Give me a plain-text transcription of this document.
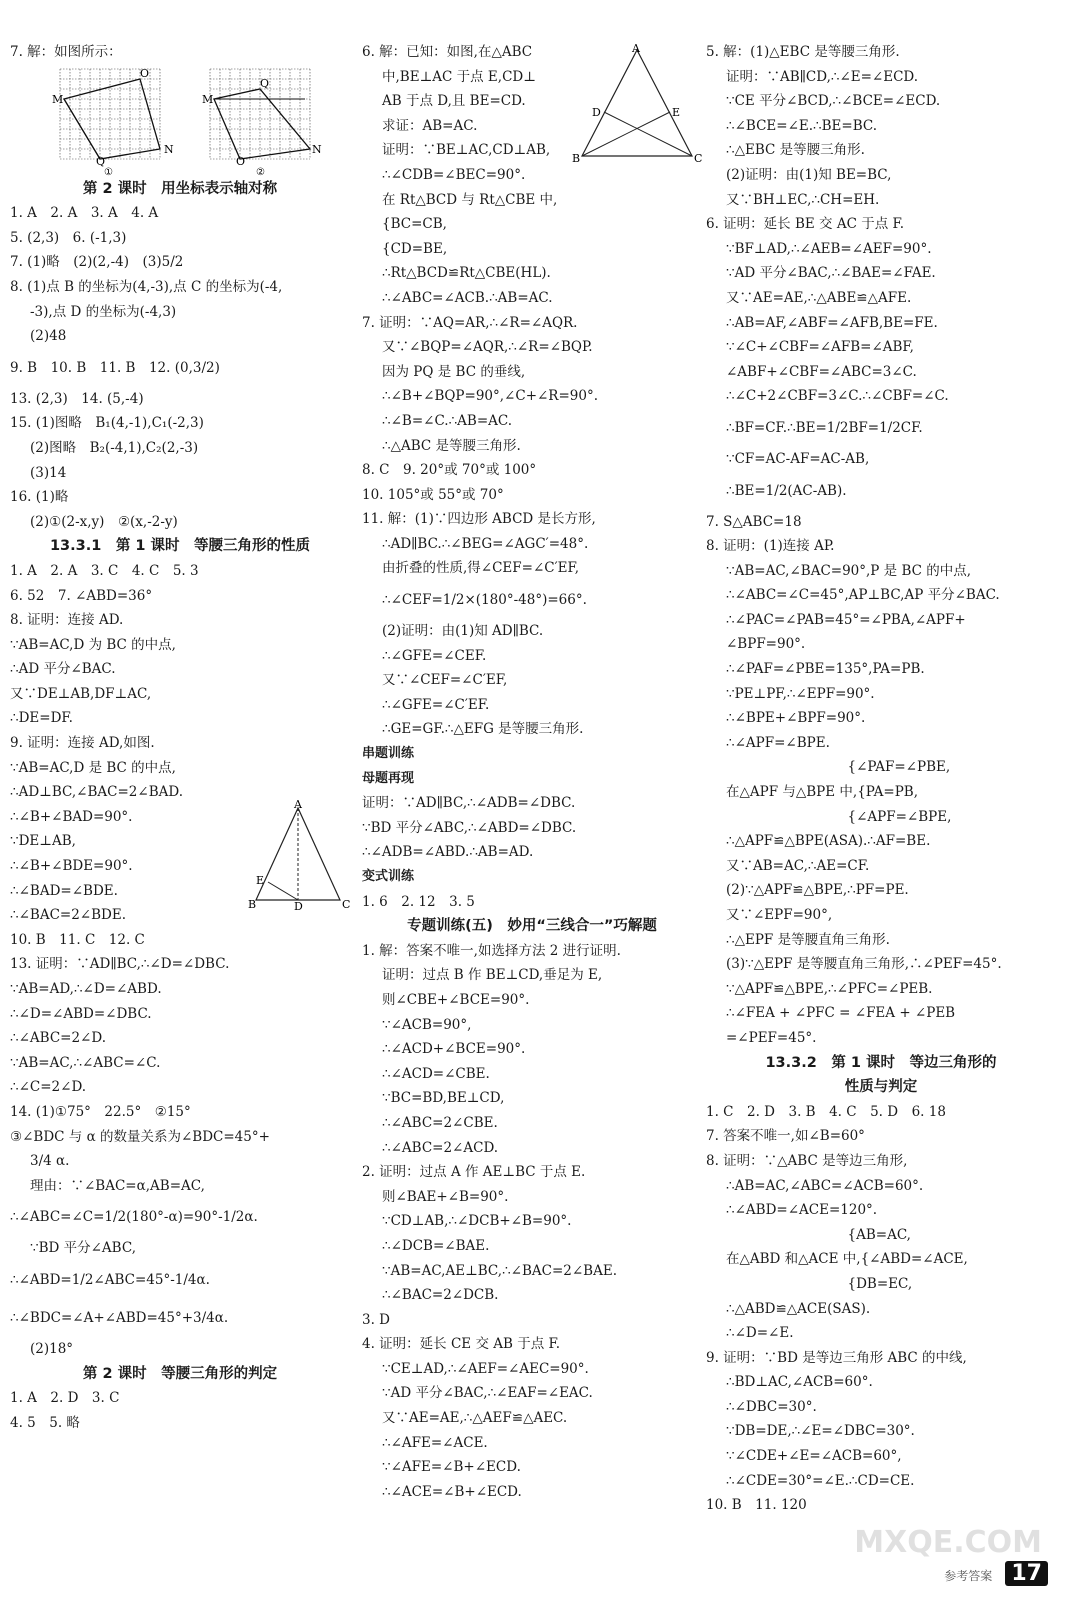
7. 解：如图所示：
M
O
N
Q
M
Q
N
O
①	②
第 2 课时　用坐标表示轴对称
1. A　2. A　3. A　4. A
5. (2,3)　6. (-1,3)
7. (1)略　(2)(2,-4)　(3)5/2
8. (1)点 B 的坐标为(4,-3),点 C 的坐标为(-4,
-3),点 D 的坐标为(-4,3)
(2)48
9. B　10. B　11. B　12. (0,3/2)
13. (2,3)　14. (5,-4)
15. (1)图略　B₁(4,-1),C₁(-2,3)
(2)图略　B₂(-4,1),C₂(2,-3)
(3)14
16. (1)略
(2)①(2-x,y)　②(x,-2-y)
13.3.1　第 1 课时　等腰三角形的性质
1. A　2. A　3. C　4. C　5. 3
6. 52　7. ∠ABD=36°
8. 证明：连接 AD.
∵AB=AC,D 为 BC 的中点,
∴AD 平分∠BAC.
又∵DE⊥AB,DF⊥AC,
∴DE=DF.
9. 证明：连接 AD,如图.
∵AB=AC,D 是 BC 的中点,
∴AD⊥BC,∠BAC=2∠BAD.
∴∠B+∠BAD=90°.
∵DE⊥AB,
∴∠B+∠BDE=90°.
∴∠BAD=∠BDE.
∴∠BAC=2∠BDE.
10. B　11. C　12. C
13. 证明：∵AD∥BC,∴∠D=∠DBC.
∵AB=AD,∴∠D=∠ABD.
∴∠D=∠ABD=∠DBC.
∴∠ABC=2∠D.
∵AB=AC,∴∠ABC=∠C.
∴∠C=2∠D.
14. (1)①75°　22.5°　②15°
③∠BDC 与 α 的数量关系为∠BDC=45°+
3/4 α.
理由：∵∠BAC=α,AB=AC,
∴∠ABC=∠C=1/2(180°-α)=90°-1/2α.
∵BD 平分∠ABC,
∴∠ABD=1/2∠ABC=45°-1/4α.
∴∠BDC=∠A+∠ABD=45°+3/4α.
(2)18°
第 2 课时　等腰三角形的判定
1. A　2. D　3. C
4. 5　5. 略
6. 解：已知：如图,在△ABC
中,BE⊥AC 于点 E,CD⊥
AB 于点 D,且 BE=CD.
求证：AB=AC.
证明：∵BE⊥AC,CD⊥AB,
∴∠CDB=∠BEC=90°.
在 Rt△BCD 与 Rt△CBE 中,
{BC=CB,
{CD=BE,
∴Rt△BCD≌Rt△CBE(HL).
∴∠ABC=∠ACB.∴AB=AC.
7. 证明：∵AQ=AR,∴∠R=∠AQR.
又∵∠BQP=∠AQR,∴∠R=∠BQP.
因为 PQ 是 BC 的垂线,
∴∠B+∠BQP=90°,∠C+∠R=90°.
∴∠B=∠C.∴AB=AC.
∴△ABC 是等腰三角形.
8. C　9. 20°或 70°或 100°
10. 105°或 55°或 70°
11. 解：(1)∵四边形 ABCD 是长方形,
∴AD∥BC.∴∠BEG=∠AGC′=48°.
由折叠的性质,得∠CEF=∠C′EF,
∴∠CEF=1/2×(180°-48°)=66°.
(2)证明：由(1)知 AD∥BC.
∴∠GFE=∠CEF.
又∵∠CEF=∠C′EF,
∴∠GFE=∠C′EF.
∴GE=GF.∴△EFG 是等腰三角形.
串题训练
母题再现
证明：∵AD∥BC,∴∠ADB=∠DBC.
∵BD 平分∠ABC,∴∠ABD=∠DBC.
∴∠ADB=∠ABD.∴AB=AD.
变式训练
1. 6　2. 12　3. 5
专题训练(五)　妙用“三线合一”巧解题
1. 解：答案不唯一,如选择方法 2 进行证明.
证明：过点 B 作 BE⊥CD,垂足为 E,
则∠CBE+∠BCE=90°.
∵∠ACB=90°,
∴∠ACD+∠BCE=90°.
∴∠ACD=∠CBE.
∵BC=BD,BE⊥CD,
∴∠ABC=2∠CBE.
∴∠ABC=2∠ACD.
2. 证明：过点 A 作 AE⊥BC 于点 E.
则∠BAE+∠B=90°.
∵CD⊥AB,∴∠DCB+∠B=90°.
∴∠DCB=∠BAE.
∵AB=AC,AE⊥BC,∴∠BAC=2∠BAE.
∴∠BAC=2∠DCB.
3. D
4. 证明：延长 CE 交 AB 于点 F.
∵CE⊥AD,∴∠AEF=∠AEC=90°.
∵AD 平分∠BAC,∴∠EAF=∠EAC.
又∵AE=AE,∴△AEF≌△AEC.
∴∠AFE=∠ACE.
∵∠AFE=∠B+∠ECD.
∴∠ACE=∠B+∠ECD.
5. 解：(1)△EBC 是等腰三角形.
证明：∵AB∥CD,∴∠E=∠ECD.
∵CE 平分∠BCD,∴∠BCE=∠ECD.
∴∠BCE=∠E.∴BE=BC.
∴△EBC 是等腰三角形.
(2)证明：由(1)知 BE=BC,
又∵BH⊥EC,∴CH=EH.
6. 证明：延长 BE 交 AC 于点 F.
∵BF⊥AD,∴∠AEB=∠AEF=90°.
∵AD 平分∠BAC,∴∠BAE=∠FAE.
又∵AE=AE,∴△ABE≌△AFE.
∴AB=AF,∠ABF=∠AFB,BE=FE.
∵∠C+∠CBF=∠AFB=∠ABF,
∠ABF+∠CBF=∠ABC=3∠C.
∴∠C+2∠CBF=3∠C.∴∠CBF=∠C.
∴BF=CF.∴BE=1/2BF=1/2CF.
∵CF=AC-AF=AC-AB,
∴BE=1/2(AC-AB).
7. S△ABC=18
8. 证明：(1)连接 AP.
∵AB=AC,∠BAC=90°,P 是 BC 的中点,
∴∠ABC=∠C=45°,AP⊥BC,AP 平分∠BAC.
∴∠PAC=∠PAB=45°=∠PBA,∠APF+
∠BPF=90°.
∴∠PAF=∠PBE=135°,PA=PB.
∵PE⊥PF,∴∠EPF=90°.
∴∠BPE+∠BPF=90°.
∴∠APF=∠BPE.
　　　　　　　　　{∠PAF=∠PBE,
在△APF 与△BPE 中,{PA=PB,
　　　　　　　　　{∠APF=∠BPE,
∴△APF≌△BPE(ASA).∴AF=BE.
又∵AB=AC,∴AE=CF.
(2)∵△APF≌△BPE,∴PF=PE.
又∵∠EPF=90°,
∴△EPF 是等腰直角三角形.
(3)∵△EPF 是等腰直角三角形,∴∠PEF=45°.
∵△APF≌△BPE,∴∠PFC=∠PEB.
∴∠FEA + ∠PFC = ∠FEA + ∠PEB
=∠PEF=45°.
13.3.2　第 1 课时　等边三角形的
性质与判定
1. C　2. D　3. B　4. C　5. D　6. 18
7. 答案不唯一,如∠B=60°
8. 证明：∵△ABC 是等边三角形,
∴AB=AC,∠ABC=∠ACB=60°.
∴∠ABD=∠ACE=120°.
　　　　　　　　　{AB=AC,
在△ABD 和△ACE 中,{∠ABD=∠ACE,
　　　　　　　　　{DB=EC,
∴△ABD≌△ACE(SAS).
∴∠D=∠E.
9. 证明：∵BD 是等边三角形 ABC 的中线,
∴BD⊥AC,∠ACB=60°.
∴∠DBC=30°.
∵DB=DE,∴∠E=∠DBC=30°.
∵∠CDE+∠E=∠ACB=60°,
∴∠CDE=30°=∠E.∴CD=CE.
10. B　11. 120
A
B	C
D	E
A
B	C
D
E
MXQE.COM
参考答案 17
